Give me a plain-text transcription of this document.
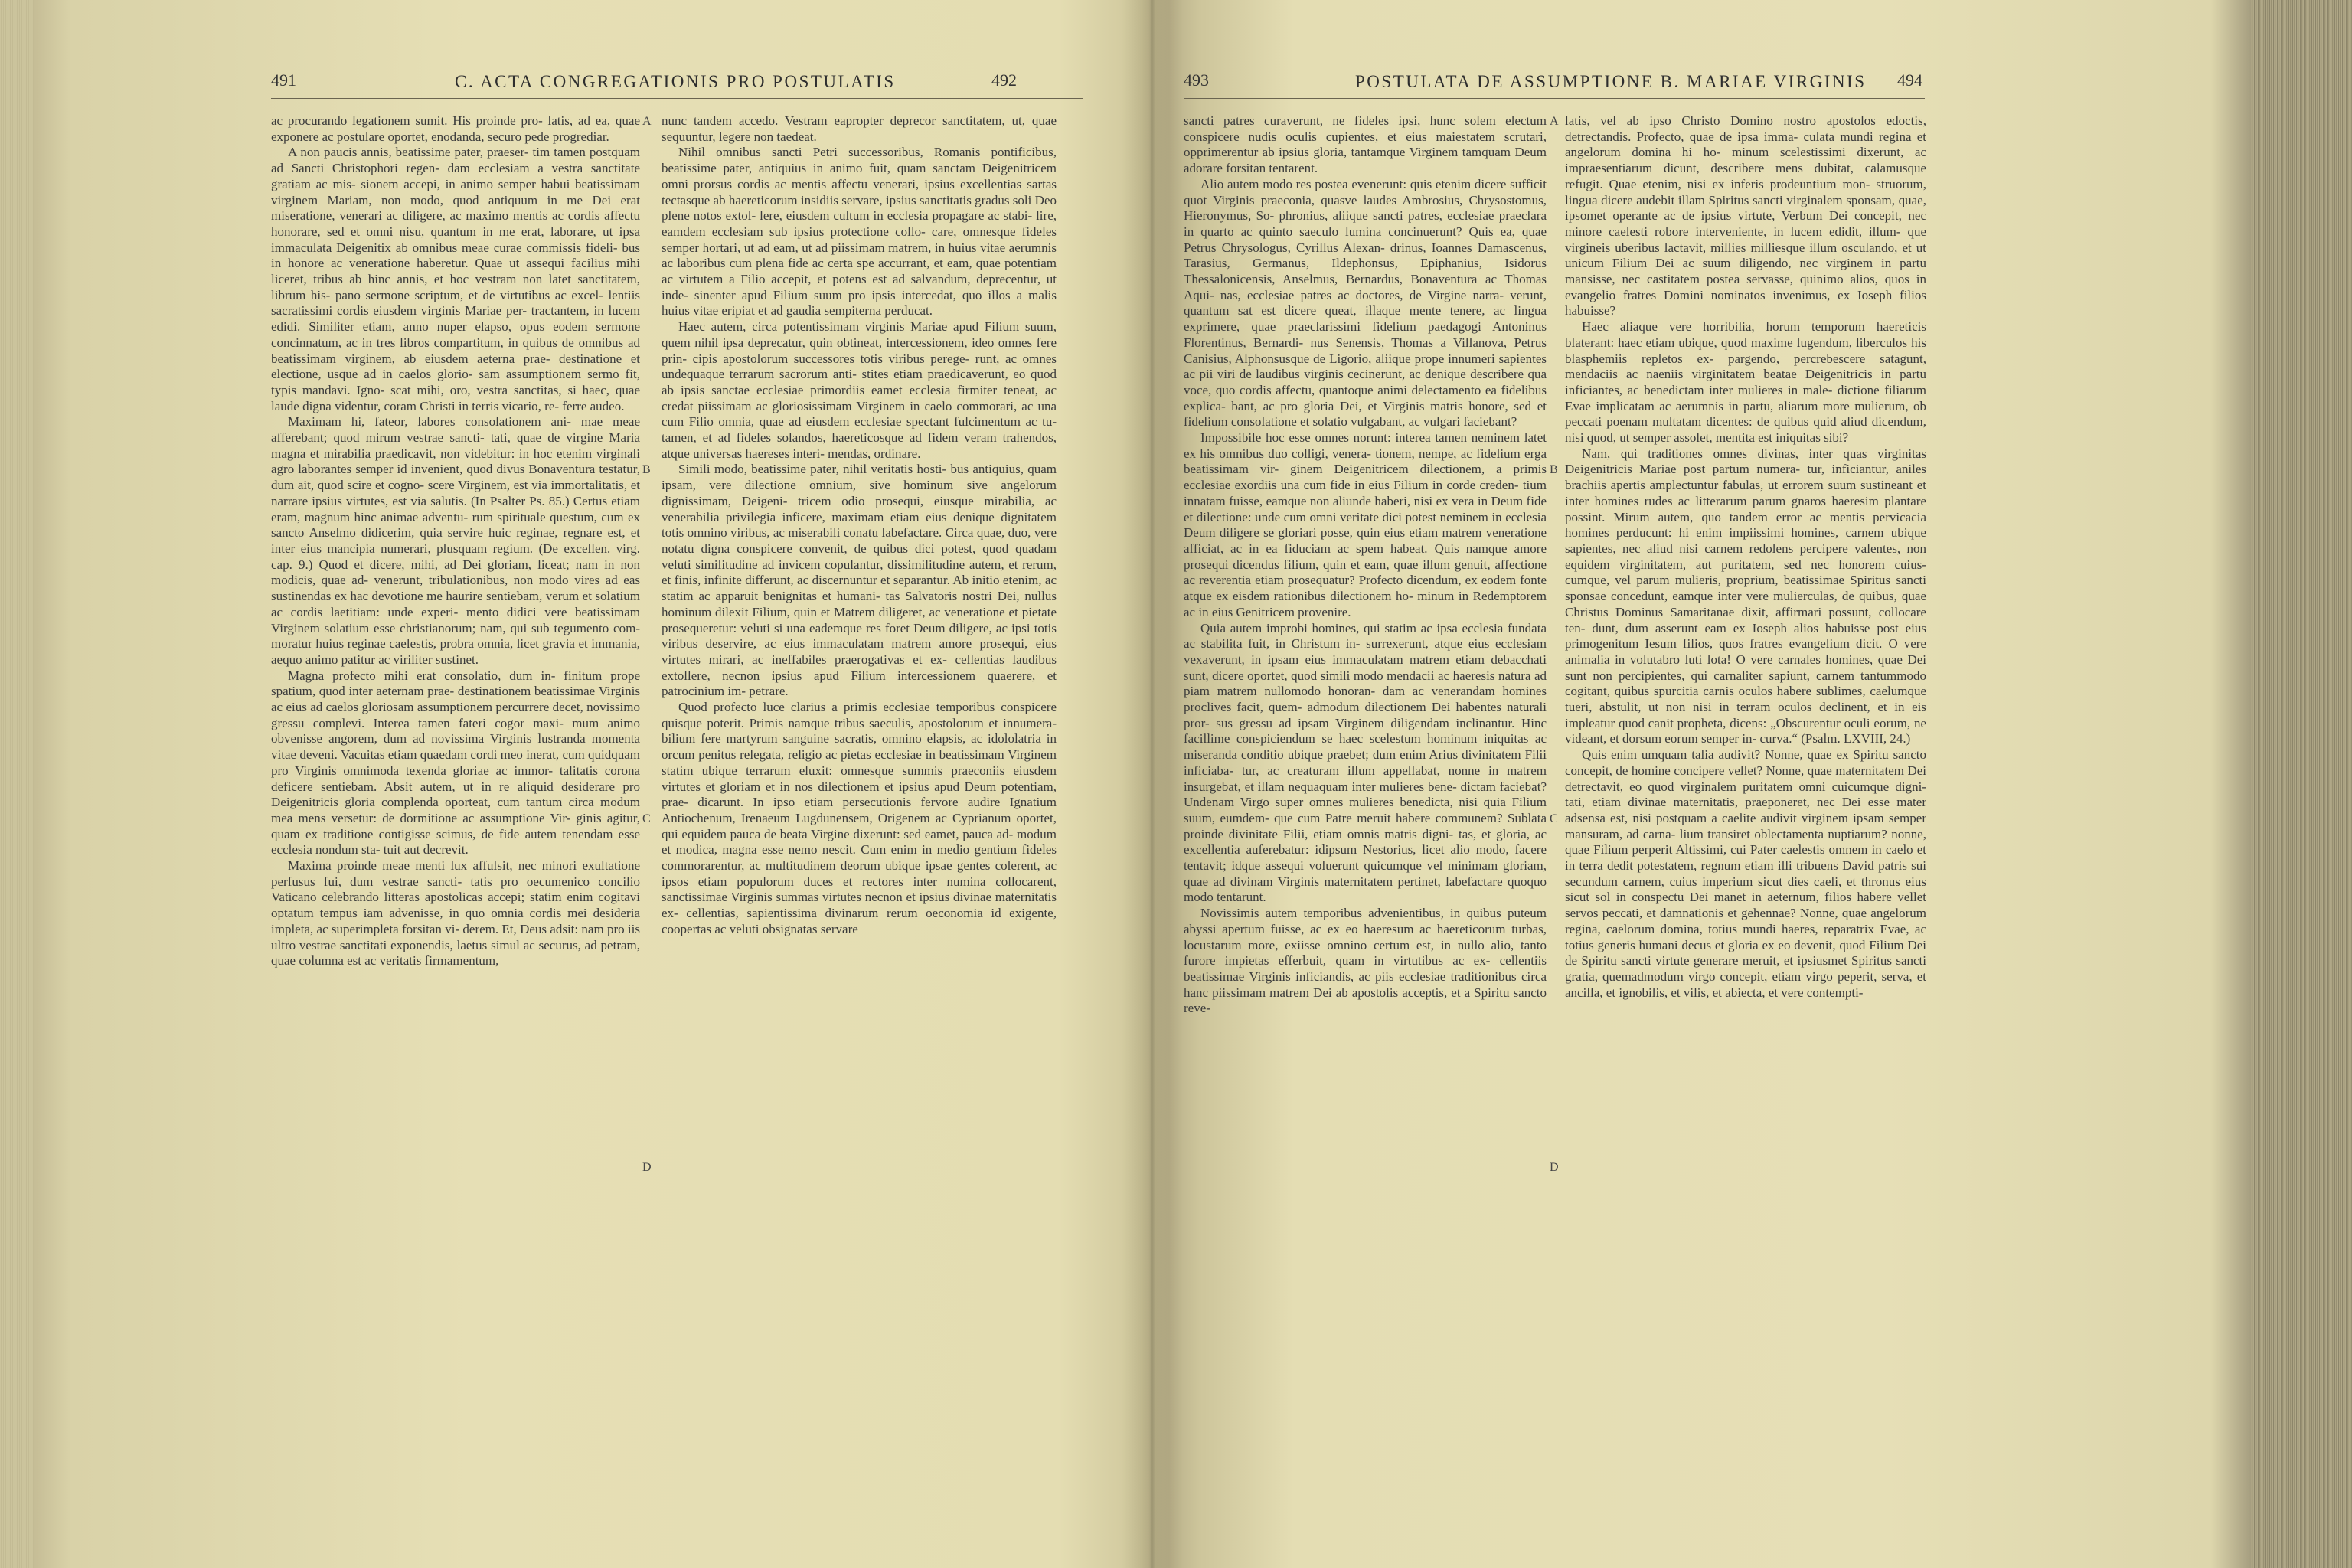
491	C. ACTA CONGREGATIONIS PRO POSTULATIS	492

ac procurando legationem sumit. His proinde pro- latis, ad ea, quae exponere ac postulare oportet, enodanda, securo pede progrediar.

A non paucis annis, beatissime pater, praeser- tim tamen postquam ad Sancti Christophori regen- dam ecclesiam a vestra sanctitate gratiam ac mis- sionem accepi, in animo semper habui beatissimam virginem Mariam, non modo, quod antiquum in me Dei erat miseratione, venerari ac diligere, ac maximo mentis ac cordis affectu honorare, sed et omni nisu, quantum in me erat, laborare, ut ipsa immaculata Deigenitix ab omnibus meae curae commissis fideli- bus in honore ac veneratione haberetur. Quae ut assequi facilius mihi liceret, tribus ab hinc annis, et hoc vestram non latet sanctitatem, librum his- pano sermone scriptum, et de virtutibus ac excel- lentiis sacratissimi cordis eiusdem virginis Mariae per- tractantem, in lucem edidi. Similiter etiam, anno nuper elapso, opus eodem sermone concinnatum, ac in tres libros compartitum, in quibus de omnibus ad beatissimam virginem, ab eiusdem aeterna prae- destinatione et electione, usque ad in caelos glorio- sam assumptionem sermo fit, typis mandavi. Igno- scat mihi, oro, vestra sanctitas, si haec, quae laude digna videntur, coram Christi in terris vicario, re- ferre audeo.

Maximam hi, fateor, labores consolationem ani- mae meae afferebant; quod mirum vestrae sancti- tati, quae de virgine Maria magna et mirabilia praedicavit, non videbitur: in hoc etenim virginali agro laborantes semper id invenient, quod divus Bonaventura testatur, dum ait, quod scire et cogno- scere Virginem, est via immortalitatis, et narrare ipsius virtutes, est via salutis. (In Psalter Ps. 85.) Certus etiam eram, magnum hinc animae adventu- rum spirituale questum, cum ex sancto Anselmo didicerim, quia servire huic reginae, regnare est, et inter eius mancipia numerari, plusquam regium. (De excellen. virg. cap. 9.) Quod et dicere, mihi, ad Dei gloriam, liceat; nam in non modicis, quae ad- venerunt, tribulationibus, non modo vires ad eas sustinendas ex hac devotione me haurire sentiebam, verum et solatium ac cordis laetitiam: unde experi- mento didici vere beatissimam Virginem solatium esse christianorum; nam, qui sub tegumento com- moratur huius reginae caelestis, probra omnia, licet gravia et immania, aequo animo patitur ac viriliter sustinet.

Magna profecto mihi erat consolatio, dum in- finitum prope spatium, quod inter aeternam prae- destinationem beatissimae Virginis ac eius ad caelos gloriosam assumptionem percurrere decet, novissimo gressu complevi. Interea tamen fateri cogor maxi- mum animo obvenisse angorem, dum ad novissima Virginis lustranda momenta vitae deveni. Vacuitas etiam quaedam cordi meo inerat, cum quidquam pro Virginis omnimoda texenda gloriae ac immor- talitatis corona deficere sentiebam. Absit autem, ut in re aliquid desiderare pro Deigenitricis gloria complenda oporteat, cum tantum circa modum mea mens versetur: de dormitione ac assumptione Vir- ginis agitur, quam ex traditione contigisse scimus, de fide autem tenendam esse ecclesia nondum sta- tuit aut decrevit.

Maxima proinde meae menti lux affulsit, nec minori exultatione perfusus fui, dum vestrae sancti- tatis pro oecumenico concilio Vaticano celebrando litteras apostolicas accepi; statim enim cogitavi optatum tempus iam advenisse, in quo omnia cordis mei desideria impleta, ac superimpleta forsitan vi- derem. Et, Deus adsit: nam pro iis ultro vestrae sanctitati exponendis, laetus simul ac securus, ad petram, quae columna est ac veritatis firmamentum,

nunc tandem accedo. Vestram eapropter deprecor sanctitatem, ut, quae sequuntur, legere non taedeat.

Nihil omnibus sancti Petri successoribus, Romanis pontificibus, beatissime pater, antiquius in animo fuit, quam sanctam Deigenitricem omni prorsus cordis ac mentis affectu venerari, ipsius excellentias sartas tectasque ab haereticorum insidiis servare, ipsius sanctitatis gradus soli Deo plene notos extol- lere, eiusdem cultum in ecclesia propagare ac stabi- lire, eamdem ecclesiam sub ipsius protectione collo- care, omnesque fideles semper hortari, ut ad eam, ut ad piissimam matrem, in huius vitae aerumnis ac laboribus cum plena fide ac certa spe accurrant, et eam, quae potentiam ac virtutem a Filio accepit, et potens est ad salvandum, deprecentur, ut inde- sinenter apud Filium suum pro ipsis intercedat, quo illos a malis huius vitae eripiat et ad gaudia sempiterna perducat.

Haec autem, circa potentissimam virginis Mariae apud Filium suum, quem nihil ipsa deprecatur, quin obtineat, intercessionem, ideo omnes fere prin- cipis apostolorum successores totis viribus perege- runt, ac omnes undequaque terrarum sacrorum anti- stites etiam praedicaverunt, eo quod ab ipsis sanctae ecclesiae primordiis eamet ecclesia firmiter teneat, ac credat piissimam ac gloriosissimam Virginem in caelo commorari, ac una cum Filio omnia, quae ad eiusdem ecclesiae spectant fulcimentum ac tu- tamen, et ad fideles solandos, haereticosque ad fidem veram trahendos, atque universas haereses interi- mendas, ordinare.

Simili modo, beatissime pater, nihil veritatis hosti- bus antiquius, quam ipsam, vere dilectione omnium, sive hominum sive angelorum dignissimam, Deigeni- tricem odio prosequi, eiusque mirabilia, ac venerabilia privilegia inficere, maximam etiam eius denique dignitatem totis omnino viribus, ac miserabili conatu labefactare. Circa quae, duo, vere notatu digna conspicere convenit, de quibus dici potest, quod quadam veluti similitudine ad invicem copulantur, dissimilitudine autem, et rerum, et finis, infinite differunt, ac discernuntur et separantur. Ab initio etenim, ac statim ac apparuit benignitas et humani- tas Salvatoris nostri Dei, nullus hominum dilexit Filium, quin et Matrem diligeret, ac veneratione et pietate prosequeretur: veluti si una eademque res foret Deum diligere, ac ipsi totis viribus deservire, ac eius immaculatam matrem amore prosequi, eius virtutes mirari, ac ineffabiles praerogativas et ex- cellentias laudibus extollere, necnon ipsius apud Filium intercessionem quaerere, et patrocinium im- petrare.

Quod profecto luce clarius a primis ecclesiae temporibus conspicere quisque poterit. Primis namque tribus saeculis, apostolorum et innumera- bilium fere martyrum sanguine sacratis, omnino elapsis, ac idololatria in orcum penitus relegata, religio ac pietas ecclesiae in beatissimam Virginem statim ubique terrarum eluxit: omnesque summis praeconiis eiusdem virtutes et gloriam et in nos dilectionem et ipsius apud Deum potentiam, prae- dicarunt. In ipso etiam persecutionis fervore audire Ignatium Antiochenum, Irenaeum Lugdunensem, Origenem ac Cyprianum oportet, qui equidem pauca de beata Virgine dixerunt: sed eamet, pauca ad- modum et modica, magna esse nemo nescit. Cum enim in medio gentium fideles commorarentur, ac multitudinem deorum ubique ipsae gentes colerent, ac ipsos etiam populorum duces et rectores inter numina collocarent, sanctissimae Virginis summas virtutes necnon et ipsius divinae maternitatis ex- cellentias, sapientissima divinarum rerum oeconomia id exigente, coopertas ac veluti obsignatas servare

A
B
C
D
493	POSTULATA DE ASSUMPTIONE B. MARIAE VIRGINIS 494

sancti patres curaverunt, ne fideles ipsi, hunc solem electum conspicere nudis oculis cupientes, et eius maiestatem scrutari, opprimerentur ab ipsius gloria, tantamque Virginem tamquam Deum adorare forsitan tentarent.

Alio autem modo res postea evenerunt: quis etenim dicere sufficit quot Virginis praeconia, quasve laudes Ambrosius, Chrysostomus, Hieronymus, So- phronius, aliique sancti patres, ecclesiae praeclara in quarto ac quinto saeculo lumina concinuerunt? Quis ea, quae Petrus Chrysologus, Cyrillus Alexan- drinus, Ioannes Damascenus, Tarasius, Germanus, Ildephonsus, Epiphanius, Isidorus Thessalonicensis, Anselmus, Bernardus, Bonaventura ac Thomas Aqui- nas, ecclesiae patres ac doctores, de Virgine narra- verunt, quantum sat est dicere queat, illaque mente tenere, ac lingua exprimere, quae praeclarissimi fidelium paedagogi Antoninus Florentinus, Bernardi- nus Senensis, Thomas a Villanova, Petrus Canisius, Alphonsusque de Ligorio, aliique prope innumeri sapientes ac pii viri de laudibus virginis cecinerunt, ac denique describere qua voce, quo cordis affectu, quantoque animi delectamento ea fidelibus explica- bant, ac pro gloria Dei, et Virginis matris honore, sed et fidelium consolatione et solatio vulgabant, ac vulgari faciebant?

Impossibile hoc esse omnes norunt: interea tamen neminem latet ex his omnibus duo colligi, venera- tionem, nempe, ac fidelium erga beatissimam vir- ginem Deigenitricem dilectionem, a primis ecclesiae exordiis una cum fide in eius Filium in corde creden- tium innatam fuisse, eamque non aliunde haberi, nisi ex vera in Deum fide et dilectione: unde cum omni veritate dici potest neminem in ecclesia Deum diligere se gloriari posse, quin eius etiam matrem veneratione afficiat, ac in ea fiduciam ac spem habeat. Quis namque amore prosequi dicendus filium, quin et eam, quae illum genuit, affectione ac reverentia etiam prosequatur? Profecto dicendum, ex eodem fonte atque ex eisdem rationibus dilectionem ho- minum in Redemptorem ac in eius Genitricem provenire.

Quia autem improbi homines, qui statim ac ipsa ecclesia fundata ac stabilita fuit, in Christum in- surrexerunt, atque eius ecclesiam vexaverunt, in ipsam eius immaculatam matrem etiam debacchati sunt, dicere oportet, quod simili modo mendacii ac haeresis natura ad piam matrem nullomodo honoran- dam ac venerandam homines proclives facit, quem- admodum dilectionem Dei habentes naturali pror- sus gressu ad ipsam Virginem diligendam inclinantur. Hinc facillime conspiciendum se haec scelestum hominum iniquitas ac miseranda conditio ubique praebet; dum enim Arius divinitatem Filii inficiaba- tur, ac creaturam illum appellabat, nonne in matrem insurgebat, et illam nequaquam inter mulieres bene- dictam faciebat? Undenam Virgo super omnes mulieres benedicta, nisi quia Filium suum, eumdem- que cum Patre meruit habere communem? Sublata proinde divinitate Filii, etiam omnis matris digni- tas, et gloria, ac excellentia auferebatur: idipsum Nestorius, licet alio modo, facere tentavit; idque assequi voluerunt quicumque vel minimam gloriam, quae ad divinam Virginis maternitatem pertinet, labefactare quoquo modo tentarunt.

Novissimis autem temporibus advenientibus, in quibus puteum abyssi apertum fuisse, ac ex eo haeresum ac haereticorum turbas, locustarum more, exiisse omnino certum est, in nullo alio, tanto furore impietas efferbuit, quam in virtutibus ac ex- cellentiis beatissimae Virginis inficiandis, ac piis ecclesiae traditionibus circa hanc piissimam matrem Dei ab apostolis acceptis, et a Spiritu sancto reve-

latis, vel ab ipso Christo Domino nostro apostolos edoctis, detrectandis. Profecto, quae de ipsa imma- culata mundi regina et angelorum domina hi ho- minum scelestissimi dixerunt, ac impraesentiarum dicunt, describere mens dubitat, calamusque refugit. Quae etenim, nisi ex inferis prodeuntium mon- struorum, lingua dicere audebit illam Spiritus sancti virginalem sponsam, quae, ipsomet operante ac de ipsius virtute, Verbum Dei concepit, nec minore caelesti robore interveniente, in lucem edidit, illum- que virgineis uberibus lactavit, millies milliesque illum osculando, et ut unicum Filium Dei ac suum diligendo, nec virginem in partu mansisse, nec castitatem postea servasse, quinimo alios, quos in evangelio fratres Domini nominatos invenimus, ex Ioseph filios habuisse?

Haec aliaque vere horribilia, horum temporum haereticis blaterant: haec etiam ubique, quod maxime lugendum, liberculos his blasphemiis repletos ex- pargendo, percrebescere satagunt, mendaciis ac naeniis virginitatem beatae Deigenitricis in partu inficiantes, ac benedictam inter mulieres in male- dictione filiarum Evae implicatam ac aerumnis in partu, aliarum more mulierum, ob peccati poenam multatam dicentes: de quibus quid aliud dicendum, nisi quod, ut semper assolet, mentita est iniquitas sibi?

Nam, qui traditiones omnes divinas, inter quas virginitas Deigenitricis Mariae post partum numera- tur, inficiantur, aniles brachiis apertis amplectuntur fabulas, ut errorem suum sustineant et inter homines rudes ac litterarum parum gnaros haeresim plantare possint. Mirum autem, quo tandem error ac mentis pervicacia homines perducunt: hi enim impiissimi homines, carnem ubique sapientes, nec aliud nisi carnem redolens percipere valentes, non equidem virginitatem, aut puritatem, sed nec honorem cuius- cumque, vel parum mulieris, proprium, beatissimae Spiritus sancti sponsae concedunt, eamque inter vere mulierculas, de quibus, quae Christus Dominus Samaritanae dixit, affirmari possunt, collocare ten- dunt, dum asserunt eam ex Ioseph alios habuisse post eius primogenitum Iesum filios, quos fratres evangelium dicit. O vere animalia in volutabro luti lota! O vere carnales homines, quae Dei sunt non percipientes, qui carnaliter sapiunt, carnem tantummodo cogitant, quibus spurcitia carnis oculos habere sublimes, caelumque tueri, abstulit, ut non nisi in terram oculos declinent, et in eis impleatur quod canit propheta, dicens: „Obscurentur oculi eorum, ne videant, et dorsum eorum semper in- curva.“ (Psalm. LXVIII, 24.)

Quis enim umquam talia audivit? Nonne, quae ex Spiritu sancto concepit, de homine concipere vellet? Nonne, quae maternitatem Dei detrectavit, eo quod virginalem puritatem omni cuicumque digni- tati, etiam divinae maternitatis, praeponeret, nec Dei esse mater adsensa est, nisi postquam a caelite audivit virginem ipsam semper mansuram, ad carna- lium transiret oblectamenta nuptiarum? nonne, quae Filium perperit Altissimi, cui Pater caelestis omnem in caelo et in terra dedit potestatem, regnum etiam illi tribuens David patris sui secundum carnem, cuius imperium sicut dies caeli, et thronus eius sicut sol in conspectu Dei manet in aeternum, filios habere vellet servos peccati, et damnationis et gehennae? Nonne, quae angelorum regina, caelorum domina, totius mundi haeres, reparatrix Evae, ac totius generis humani decus et gloria ex eo devenit, quod Filium Dei de Spiritu sancti virtute generare meruit, et ipsiusmet Spiritus sancti gratia, quemadmodum virgo concepit, etiam virgo peperit, serva, et ancilla, et ignobilis, et vilis, et abiecta, et vere contempti-

A
B
C
D
